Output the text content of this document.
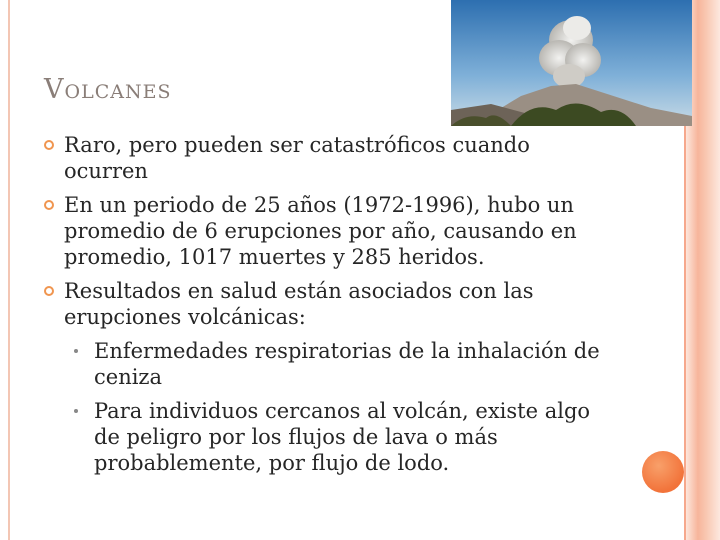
Volcanes
Raro, pero pueden ser catastróficos cuando ocurren
En un periodo de 25 años (1972-1996), hubo un promedio de 6 erupciones por año, causando en promedio, 1017 muertes y 285 heridos.
Resultados en salud están asociados con las erupciones volcánicas:
Enfermedades respiratorias de la inhalación de ceniza
Para individuos cercanos al volcán, existe algo de peligro por los flujos de lava o más probablemente, por flujo de lodo.
